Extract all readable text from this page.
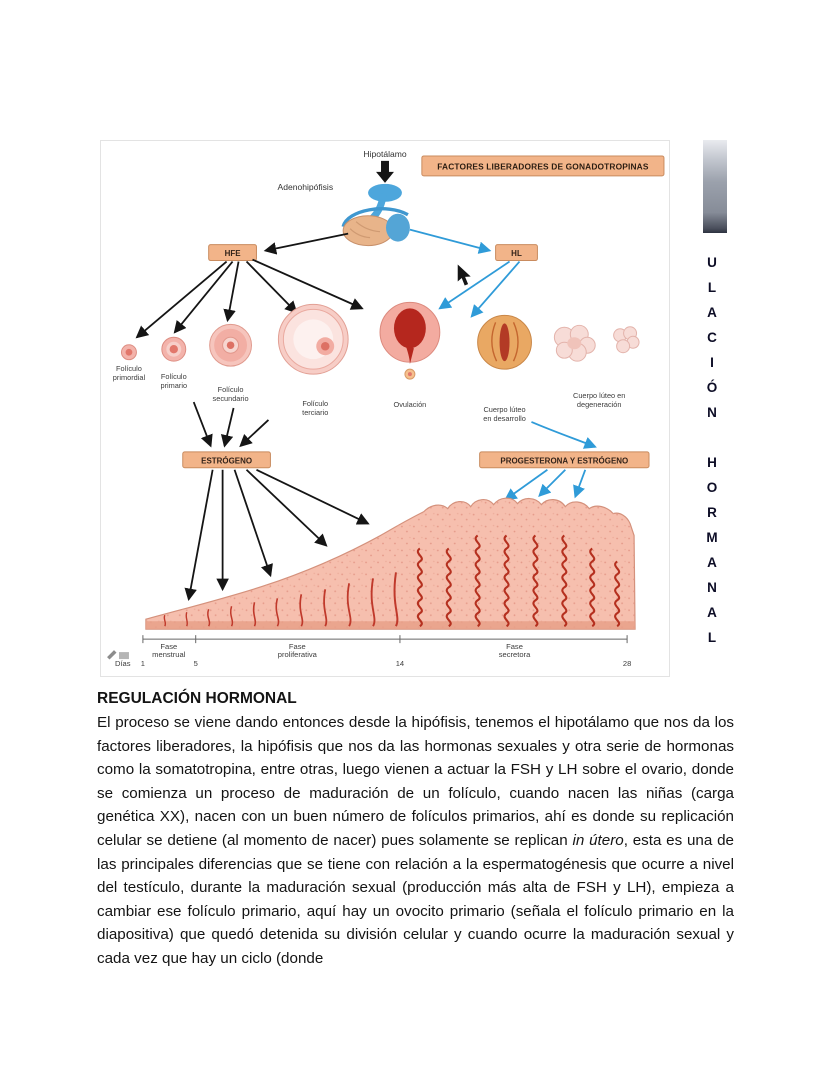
Hipotálamo
FACTORES LIBERADORES DE GONADOTROPINAS
Adenohipófisis
HFE	HL
Folículo
primordial Folículo
primario	Folículo
secundario
Folículo
terciario
Ovulación
Cuerpo lúteo
en desarrollo
Cuerpo lúteo en
degeneración
ESTRÓGENO	PROGESTERONA Y ESTRÓGENO
Fase
menstrual
Fase
proliferativa
Fase
secretora
Días 1	5	14	28
U
L
A
C
I
Ó
N
H
O
R
M
A
N
A
L
REGULACIÓN HORMONAL

El proceso se viene dando entonces desde la hipófisis, tenemos el hipotálamo que nos da los factores liberadores, la hipófisis que nos da las hormonas sexuales y otra serie de hormonas como la somatotropina, entre otras, luego vienen a actuar la FSH y LH sobre el ovario, donde se comienza un proceso de maduración de un folículo, cuando nacen las niñas (carga genética XX), nacen con un buen número de folículos primarios, ahí es donde su replicación celular se detiene (al momento de nacer) pues solamente se replican in útero, esta es una de las principales diferencias que se tiene con relación a la espermatogénesis que ocurre a nivel del testículo, durante la maduración sexual (producción más alta de FSH y LH), empieza a cambiar ese folículo primario, aquí hay un ovocito primario (señala el folículo primario en la diapositiva) que quedó detenida su división celular y cuando ocurre la maduración sexual y cada vez que hay un ciclo (donde
